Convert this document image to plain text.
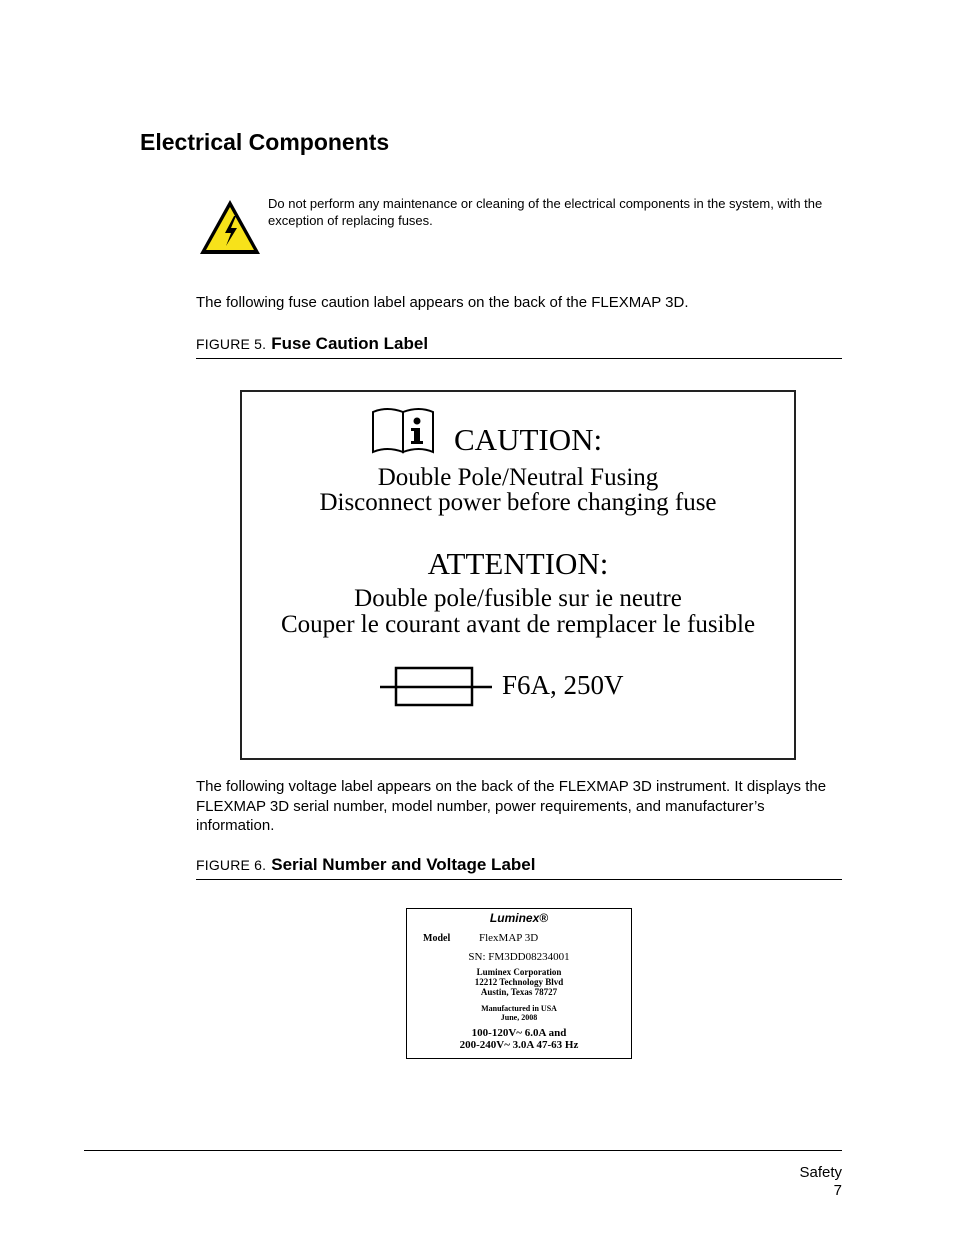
Electrical Components
Do not perform any maintenance or cleaning of the electrical components in the system, with the exception of replacing fuses.
The following fuse caution label appears on the back of the FLEXMAP 3D.
FIGURE 5. Fuse Caution Label
CAUTION:
Double Pole/Neutral Fusing
Disconnect power before changing fuse
ATTENTION:
Double pole/fusible sur ie neutre
Couper le courant avant de remplacer le fusible
F6A, 250V
The following voltage label appears on the back of the FLEXMAP 3D instrument. It displays the FLEXMAP 3D serial number, model number, power requirements, and manufacturer’s information.
FIGURE 6. Serial Number and Voltage Label
Luminex®
Model	FlexMAP 3D
SN: FM3DD08234001
Luminex Corporation
12212 Technology Blvd
Austin, Texas 78727
Manufactured in USA
June, 2008
100-120V~ 6.0A and
200-240V~ 3.0A 47-63 Hz
Safety
7
